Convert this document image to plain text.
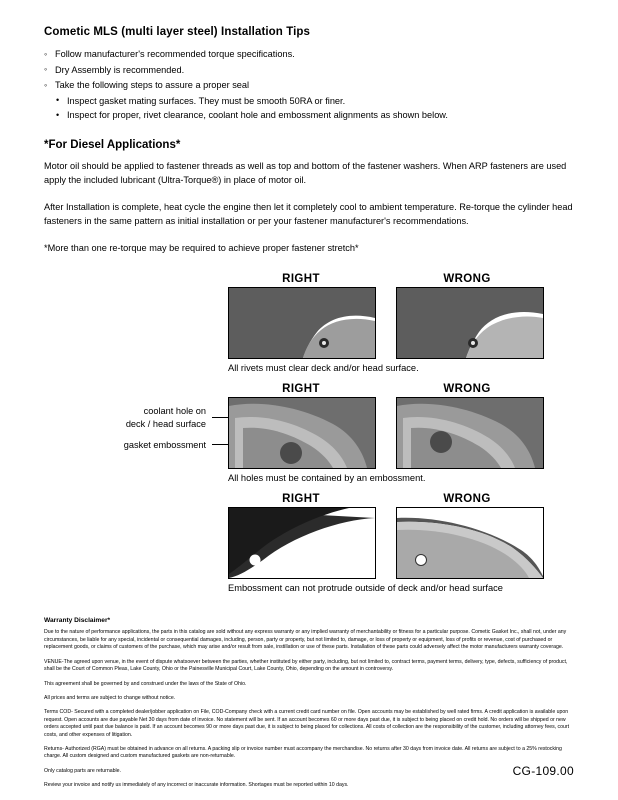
Cometic MLS (multi layer steel) Installation Tips
◦ Follow manufacturer's recommended torque specifications.
◦ Dry Assembly is recommended.
◦ Take the following steps to assure a proper seal
• Inspect gasket mating surfaces. They must be smooth 50RA or finer.
• Inspect for proper, rivet clearance, coolant hole and embossment alignments as shown below.
*For Diesel Applications*

Motor oil should be applied to fastener threads as well as top and bottom of the fastener washers. When ARP fasteners are used apply the included lubricant (Ultra-Torque®) in place of motor oil.

After Installation is complete, heat cycle the engine then let it completely cool to ambient temperature. Re-torque the cylinder head fasteners in the same pattern as initial installation or per your fastener manufacturer's recommendations.

*More than one re-torque may be required to achieve proper fastener stretch*

RIGHT	WRONG
All rivets must clear deck and/or head surface.
RIGHT	WRONG
coolant hole on
deck / head surface
gasket embossment
All holes must be contained by an embossment.
RIGHT	WRONG
Embossment can not protrude outside of deck and/or head surface
Warranty Disclaimer*

Due to the nature of performance applications, the parts in this catalog are sold without any express warranty or any implied warranty of merchantability or fitness for a particular purpose. Cometic Gasket Inc., shall not, under any circumstances, be liable for any special, incidental or consequential damages, including, person, party or property, but not limited to, damage, or loss of property or equipment, loss of profits or revenue, cost of purchased or replacement goods, or claims of customers of the purchase, which may arise and/or result from sale, instillation or use of these parts. Installation of these parts could adversely affect the motor manufacturers warranty coverage.

VENUE-The agreed upon venue, in the event of dispute whatsoever between the parties, whether instituted by either party, including, but not limited to, contract terms, payment terms, delivery, type, defects, sufficiency of product, shall be the Court of Common Pleas, Lake County, Ohio or the Painesville Municipal Court, Lake County, Ohio, depending on the amount in controversy.

This agreement shall be governed by and construed under the laws of the State of Ohio.

All prices and terms are subject to change without notice.

Terms COD- Secured with a completed dealer/jobber application on File, COD-Company check with a current credit card number on file. Open accounts may be established by well rated firms. A credit application is available upon request. Open accounts are due payable Net 30 days from date of invoice. No statement will be sent. If an account becomes 60 or more days past due, it is subject to being placed on credit hold. No orders will be shipped or new orders accepted until past due balance is paid. If an account becomes 90 or more days past due, it is subject to being placed for collections. All costs of collection are the responsibility of the customer, including attorney fees, court costs, and other expenses of litigation.

Returns- Authorized (RGA) must be obtained in advance on all returns. A packing slip or invoice number must accompany the merchandise. No returns after 30 days from invoice date. All returns are subject to a 25% restocking charge. All custom designed and custom manufactured gaskets are non-returnable.

Only catalog parts are returnable.

Review your invoice and notify us immediately of any incorrect or inaccurate information. Shortages must be reported within 10 days.

CG-109.00
